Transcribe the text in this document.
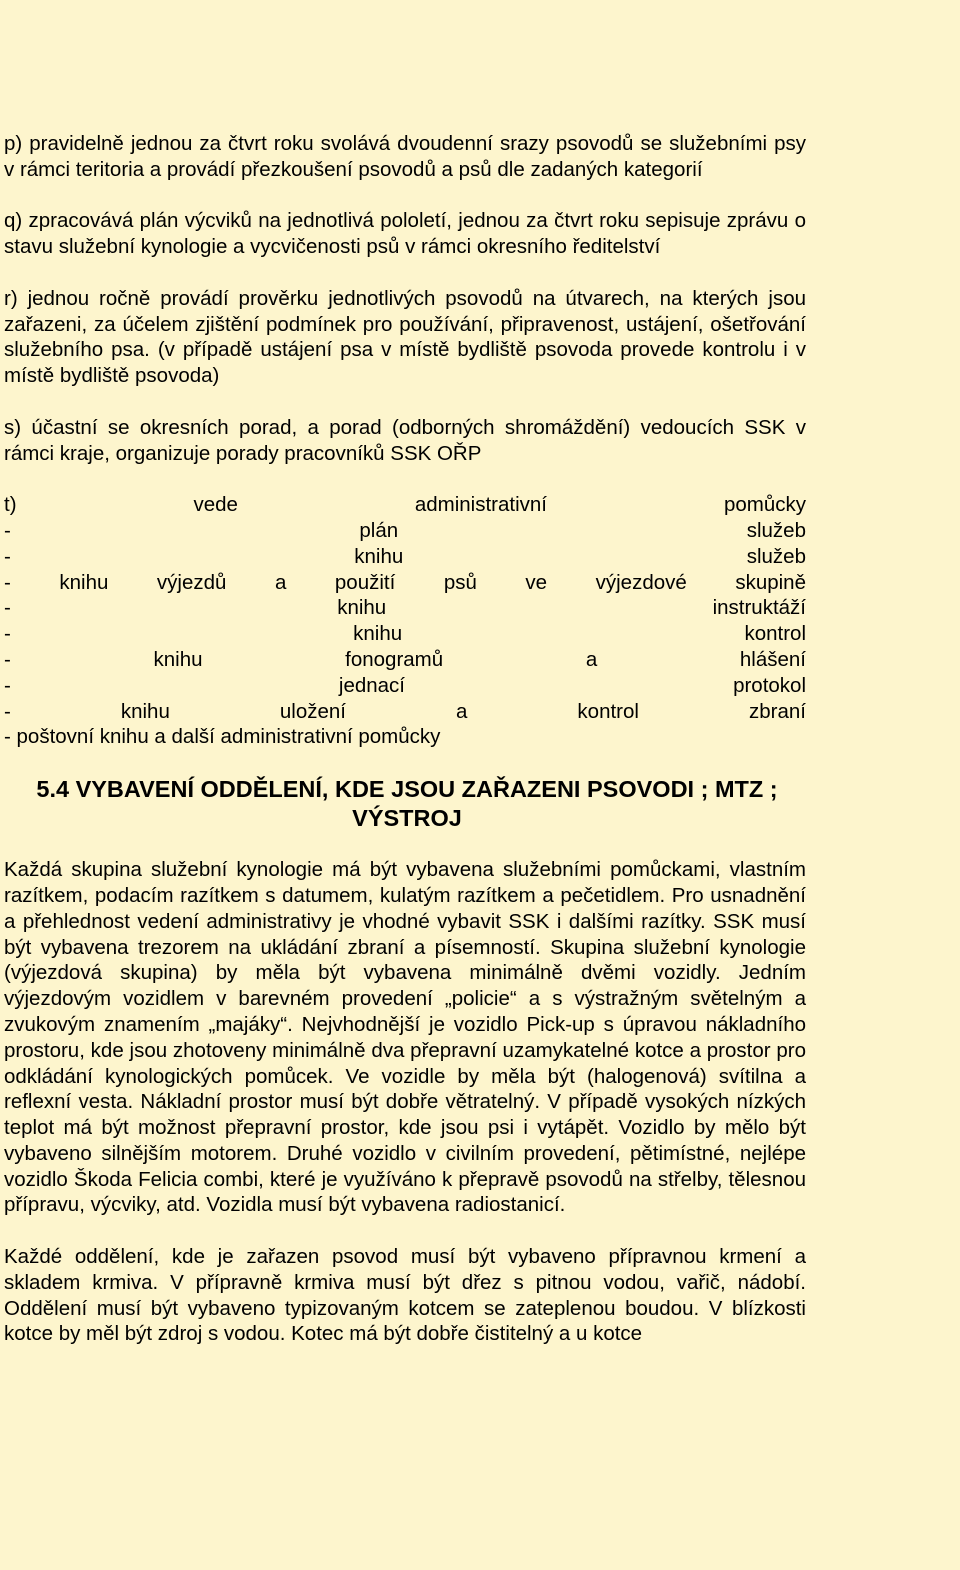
p) pravidelně jednou za čtvrt roku svolává dvoudenní srazy psovodů se služebními psy v rámci teritoria a provádí přezkoušení psovodů a psů dle zadaných kategorií

q) zpracovává plán výcviků na jednotlivá pololetí, jednou za čtvrt roku sepisuje zprávu o stavu služební kynologie a vycvičenosti psů v rámci okresního ředitelství

r) jednou ročně provádí prověrku jednotlivých psovodů na útvarech, na kterých jsou zařazeni, za účelem zjištění podmínek pro používání, připravenost, ustájení, ošetřování služebního psa. (v případě ustájení psa v místě bydliště psovoda provede kontrolu i v místě bydliště psovoda)

s) účastní se okresních porad, a porad (odborných shromáždění) vedoucích SSK v rámci kraje, organizuje porady pracovníků SSK OŘP

t)	vede	administrativní	pomůcky
-	plán	služeb
-	knihu	služeb
- knihu výjezdů a použití psů ve výjezdové skupině
-	knihu	instruktáží
-	knihu	kontrol
-	knihu	fonogramů	a	hlášení
-	jednací	protokol
-	knihu	uložení	a	kontrol	zbraní
- poštovní knihu a další administrativní pomůcky
5.4 VYBAVENÍ ODDĚLENÍ, KDE JSOU ZAŘAZENI PSOVODI ; MTZ ;
VÝSTROJ

Každá skupina služební kynologie má být vybavena služebními pomůckami, vlastním razítkem, podacím razítkem s datumem, kulatým razítkem a pečetidlem. Pro usnadnění a přehlednost vedení administrativy je vhodné vybavit SSK i dalšími razítky. SSK musí být vybavena trezorem na ukládání zbraní a písemností. Skupina služební kynologie (výjezdová skupina) by měla být vybavena minimálně dvěmi vozidly. Jedním výjezdovým vozidlem v barevném provedení „policie“ a s výstražným světelným a zvukovým znamením „majáky“. Nejvhodnější je vozidlo Pick-up s úpravou nákladního prostoru, kde jsou zhotoveny minimálně dva přepravní uzamykatelné kotce a prostor pro odkládání kynologických pomůcek. Ve vozidle by měla být (halogenová) svítilna a reflexní vesta. Nákladní prostor musí být dobře větratelný. V případě vysokých nízkých teplot má být možnost přepravní prostor, kde jsou psi i vytápět. Vozidlo by mělo být vybaveno silnějším motorem. Druhé vozidlo v civilním provedení, pětimístné, nejlépe vozidlo Škoda Felicia combi, které je využíváno k přepravě psovodů na střelby, tělesnou přípravu, výcviky, atd. Vozidla musí být vybavena radiostanicí.

Každé oddělení, kde je zařazen psovod musí být vybaveno přípravnou krmení a skladem krmiva. V přípravně krmiva musí být dřez s pitnou vodou, vařič, nádobí. Oddělení musí být vybaveno typizovaným kotcem se zateplenou boudou. V blízkosti kotce by měl být zdroj s vodou. Kotec má být dobře čistitelný a u kotce
